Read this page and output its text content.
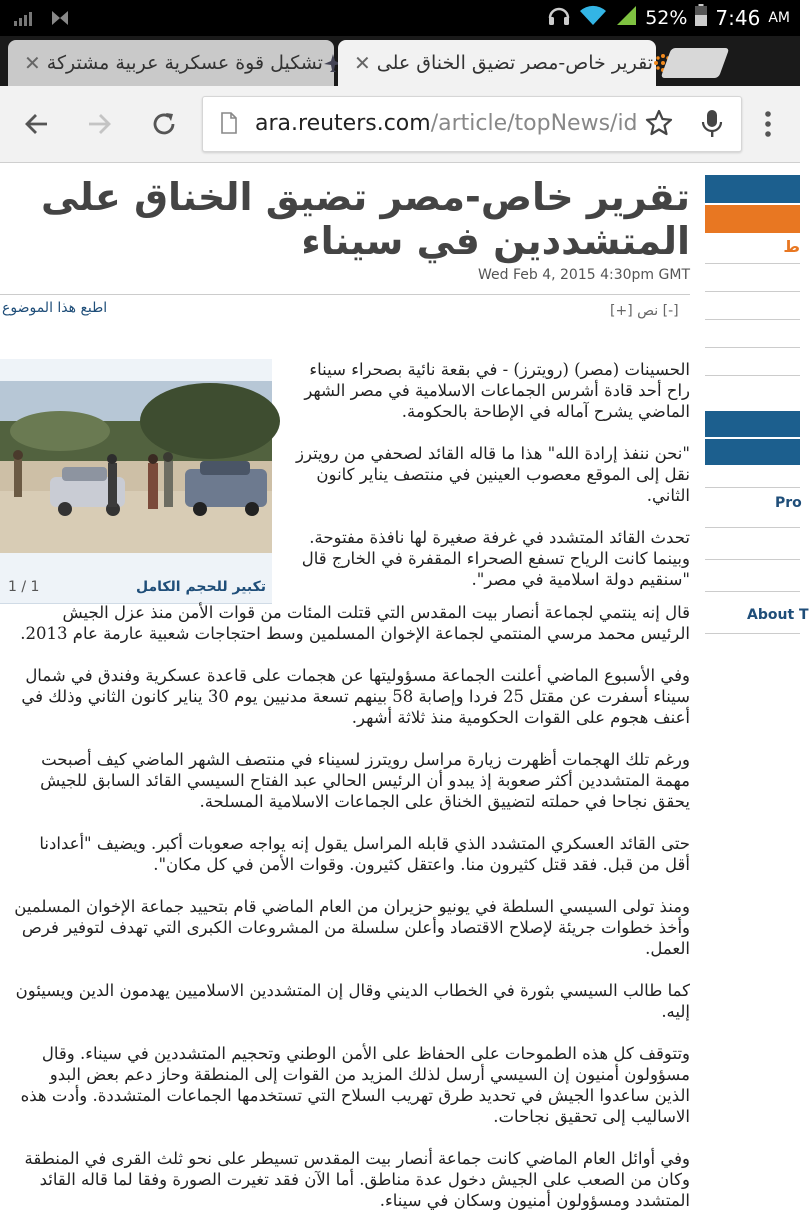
52% 7:46 AM
✕ تشكيل قوة عسكرية عربية مشتركة ✕ تقرير خاص-مصر تضيق الخناق على
ara.reuters.com/article/topNews/id
تقرير خاص-مصر تضيق الخناق على المتشددين في سيناء
Wed Feb 4, 2015 4:30pm GMT
اطبع هذا الموضوع	[+] نص [-]
تكبير للحجم الكامل
1 / 1

الحسينات (مصر) (رويترز) - في بقعة نائية بصحراء سيناء راح أحد قادة أشرس الجماعات الاسلامية في مصر الشهر الماضي يشرح آماله في الإطاحة بالحكومة.

"نحن ننفذ إرادة الله" هذا ما قاله القائد لصحفي من رويترز نقل إلى الموقع معصوب العينين في منتصف يناير كانون الثاني.

تحدث القائد المتشدد في غرفة صغيرة لها نافذة مفتوحة. وبينما كانت الرياح تسفع الصحراء المقفرة في الخارج قال "سنقيم دولة اسلامية في مصر".

قال إنه ينتمي لجماعة أنصار بيت المقدس التي قتلت المئات من قوات الأمن منذ عزل الجيش الرئيس محمد مرسي المنتمي لجماعة الإخوان المسلمين وسط احتجاجات شعبية عارمة عام 2013.

وفي الأسبوع الماضي أعلنت الجماعة مسؤوليتها عن هجمات على قاعدة عسكرية وفندق في شمال سيناء أسفرت عن مقتل 25 فردا وإصابة 58 بينهم تسعة مدنيين يوم 30 يناير كانون الثاني وذلك في أعنف هجوم على القوات الحكومية منذ ثلاثة أشهر.

ورغم تلك الهجمات أظهرت زيارة مراسل رويترز لسيناء في منتصف الشهر الماضي كيف أصبحت مهمة المتشددين أكثر صعوبة إذ يبدو أن الرئيس الحالي عبد الفتاح السيسي القائد السابق للجيش يحقق نجاحا في حملته لتضييق الخناق على الجماعات الاسلامية المسلحة.

حتى القائد العسكري المتشدد الذي قابله المراسل يقول إنه يواجه صعوبات أكبر. ويضيف "أعدادنا أقل من قبل. فقد قتل كثيرون منا. واعتقل كثيرون. وقوات الأمن في كل مكان".

ومنذ تولى السيسي السلطة في يونيو حزيران من العام الماضي قام بتحييد جماعة الإخوان المسلمين وأخذ خطوات جريئة لإصلاح الاقتصاد وأعلن سلسلة من المشروعات الكبرى التي تهدف لتوفير فرص العمل.

كما طالب السيسي بثورة في الخطاب الديني وقال إن المتشددين الاسلاميين يهدمون الدين ويسيئون إليه.

وتتوقف كل هذه الطموحات على الحفاظ على الأمن الوطني وتحجيم المتشددين في سيناء. وقال مسؤولون أمنيون إن السيسي أرسل لذلك المزيد من القوات إلى المنطقة وحاز دعم بعض البدو الذين ساعدوا الجيش في تحديد طرق تهريب السلاح التي تستخدمها الجماعات المتشددة. وأدت هذه الاساليب إلى تحقيق نجاحات.

وفي أوائل العام الماضي كانت جماعة أنصار بيت المقدس تسيطر على نحو ثلث القرى في المنطقة وكان من الصعب على الجيش دخول عدة مناطق. أما الآن فقد تغيرت الصورة وفقا لما قاله القائد المتشدد ومسؤولون أمنيون وسكان في سيناء.

ط
Pro
About T
